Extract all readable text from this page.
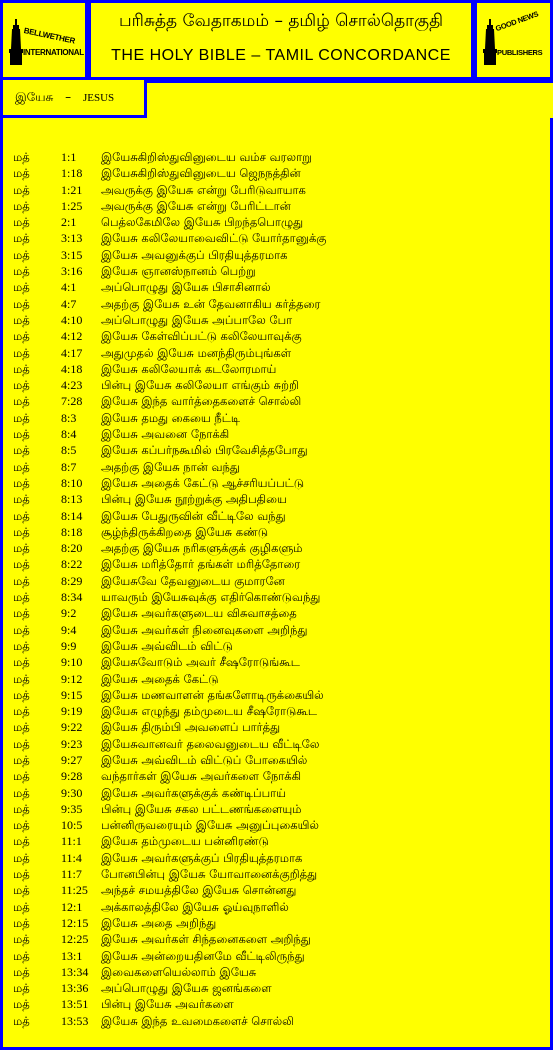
BELLWETHER
INTERNATIONAL
பரிசுத்த வேதாகமம் – தமிழ் சொல்தொகுதி
THE HOLY BIBLE – TAMIL CONCORDANCE
GOOD NEWS
PUBLISHERS
இயேசு – JESUS
மத்	1:1 இயேசுகிறிஸ்துவினுடைய வம்ச வரலாறு
மத்	1:18 இயேசுகிறிஸ்துவினுடைய ஜெநநத்தின்
மத்	1:21 அவருக்கு இயேசு என்று பேரிடுவாயாக
மத்	1:25 அவருக்கு இயேசு என்று பேரிட்டான்
மத்	2:1 பெத்லகேமிலே இயேசு பிறந்தபொழுது
மத்	3:13 இயேசு கலிலேயாவைவிட்டு யோர்தானுக்கு
மத்	3:15 இயேசு அவனுக்குப் பிரதியுத்தரமாக
மத்	3:16 இயேசு ஞானஸ்நானம் பெற்று
மத்	4:1 அப்பொழுது இயேசு பிசாசினால்
மத்	4:7 அதற்கு இயேசு உன் தேவனாகிய கர்த்தரை
மத்	4:10 அப்பொழுது இயேசு அப்பாலே போ
மத்	4:12 இயேசு கேள்விப்பட்டு கலிலேயாவுக்கு
மத்	4:17 அதுமுதல் இயேசு மனந்திரும்புங்கள்
மத்	4:18 இயேசு கலிலேயாக் கடலோரமாய்
மத்	4:23 பின்பு இயேசு கலிலேயா எங்கும் சுற்றி
மத்	7:28 இயேசு இந்த வார்த்தைகளைச் சொல்லி
மத்	8:3 இயேசு தமது கையை நீட்டி
மத்	8:4 இயேசு அவனை நோக்கி
மத்	8:5 இயேசு கப்பர்நகூமில் பிரவேசித்தபோது
மத்	8:7 அதற்கு இயேசு நான் வந்து
மத்	8:10 இயேசு அதைக் கேட்டு ஆச்சரியப்பட்டு
மத்	8:13 பின்பு இயேசு நூற்றுக்கு அதிபதியை
மத்	8:14 இயேசு பேதுருவின் வீட்டிலே வந்து
மத்	8:18 சூழ்ந்திருக்கிறதை இயேசு கண்டு
மத்	8:20 அதற்கு இயேசு நரிகளுக்குக் குழிகளும்
மத்	8:22 இயேசு மரித்தோர் தங்கள் மரித்தோரை
மத்	8:29 இயேசுவே தேவனுடைய குமாரனே
மத்	8:34 யாவரும் இயேசுவுக்கு எதிர்கொண்டுவந்து
மத்	9:2 இயேசு அவர்களுடைய விசுவாசத்தை
மத்	9:4 இயேசு அவர்கள் நினைவுகளை அறிந்து
மத்	9:9 இயேசு அவ்விடம் விட்டு
மத்	9:10 இயேசுவோடும் அவர் சீஷரோடுங்கூட
மத்	9:12 இயேசு அதைக் கேட்டு
மத்	9:15 இயேசு மணவாளன் தங்களோடிருக்கையில்
மத்	9:19 இயேசு எழுந்து தம்முடைய சீஷரோடுகூட
மத்	9:22 இயேசு திரும்பி அவளைப் பார்த்து
மத்	9:23 இயேசுவானவர் தலைவனுடைய வீட்டிலே
மத்	9:27 இயேசு அவ்விடம் விட்டுப் போகையில்
மத்	9:28 வந்தார்கள் இயேசு அவர்களை நோக்கி
மத்	9:30 இயேசு அவர்களுக்குக் கண்டிப்பாய்
மத்	9:35 பின்பு இயேசு சகல பட்டணங்களையும்
மத்	10:5 பன்னிருவரையும் இயேசு அனுப்புகையில்
மத்	11:1 இயேசு தம்முடைய பன்னிரண்டு
மத்	11:4 இயேசு அவர்களுக்குப் பிரதியுத்தரமாக
மத்	11:7 போனபின்பு இயேசு யோவானைக்குறித்து
மத்	11:25 அந்தச் சமயத்திலே இயேசு சொன்னது
மத்	12:1 அக்காலத்திலே இயேசு ஓய்வுநாளில்
மத்	12:15 இயேசு அதை அறிந்து
மத்	12:25 இயேசு அவர்கள் சிந்தனைகளை அறிந்து
மத்	13:1 இயேசு அன்றையதினமே வீட்டிலிருந்து
மத்	13:34 இவைகளையெல்லாம் இயேசு
மத்	13:36 அப்பொழுது இயேசு ஜனங்களை
மத்	13:51 பின்பு இயேசு அவர்களை
மத்	13:53 இயேசு இந்த உவமைகளைச் சொல்லி
